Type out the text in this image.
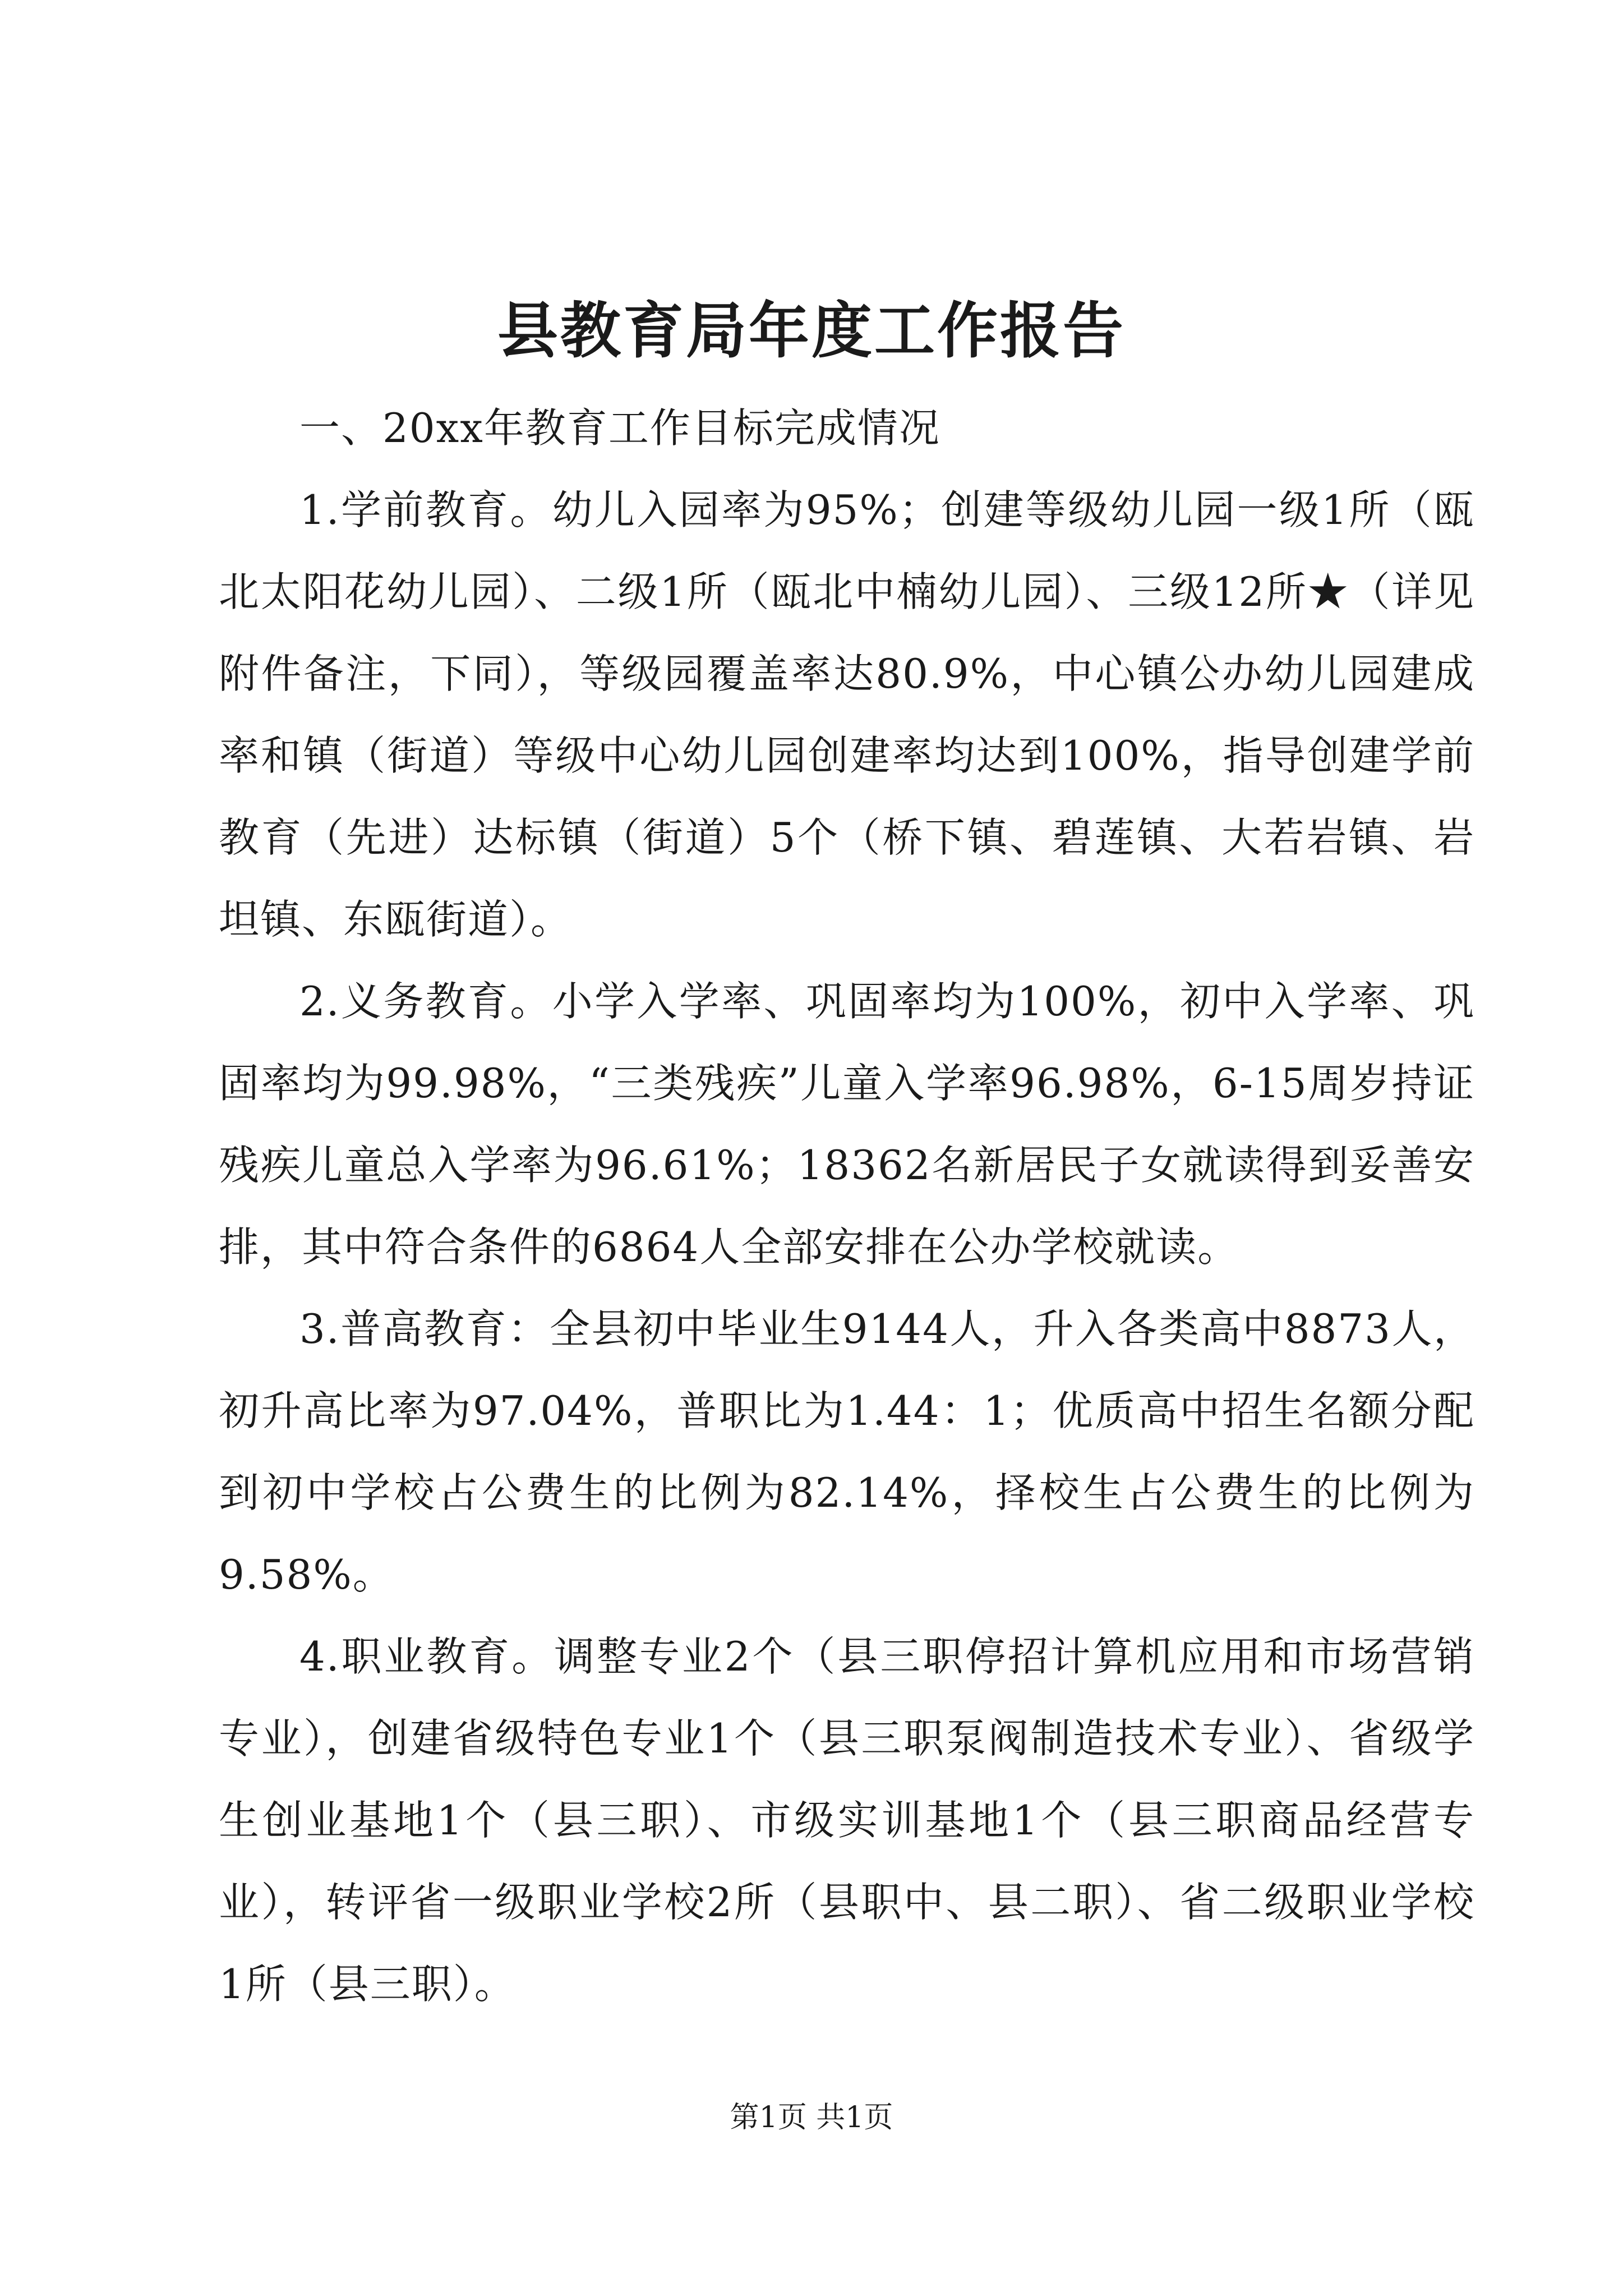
县教育局年度工作报告

一、20xx年教育工作目标完成情况

1.学前教育。幼儿入园率为95%；创建等级幼儿园一级1所（瓯北太阳花幼儿园）、二级1所（瓯北中楠幼儿园）、三级12所★（详见附件备注，下同），等级园覆盖率达80.9%，中心镇公办幼儿园建成率和镇（街道）等级中心幼儿园创建率均达到100%，指导创建学前教育（先进）达标镇（街道）5个（桥下镇、碧莲镇、大若岩镇、岩坦镇、东瓯街道）。

2.义务教育。小学入学率、巩固率均为100%，初中入学率、巩固率均为99.98%，“三类残疾”儿童入学率96.98%，6-15周岁持证残疾儿童总入学率为96.61%；18362名新居民子女就读得到妥善安排，其中符合条件的6864人全部安排在公办学校就读。

3.普高教育：全县初中毕业生9144人，升入各类高中8873人，初升高比率为97.04%，普职比为1.44：1；优质高中招生名额分配到初中学校占公费生的比例为82.14%，择校生占公费生的比例为9.58%。

4.职业教育。调整专业2个（县三职停招计算机应用和市场营销专业），创建省级特色专业1个（县三职泵阀制造技术专业）、省级学生创业基地1个（县三职）、市级实训基地1个（县三职商品经营专业），转评省一级职业学校2所（县职中、县二职）、省二级职业学校1所（县三职）。

第1页 共1页
